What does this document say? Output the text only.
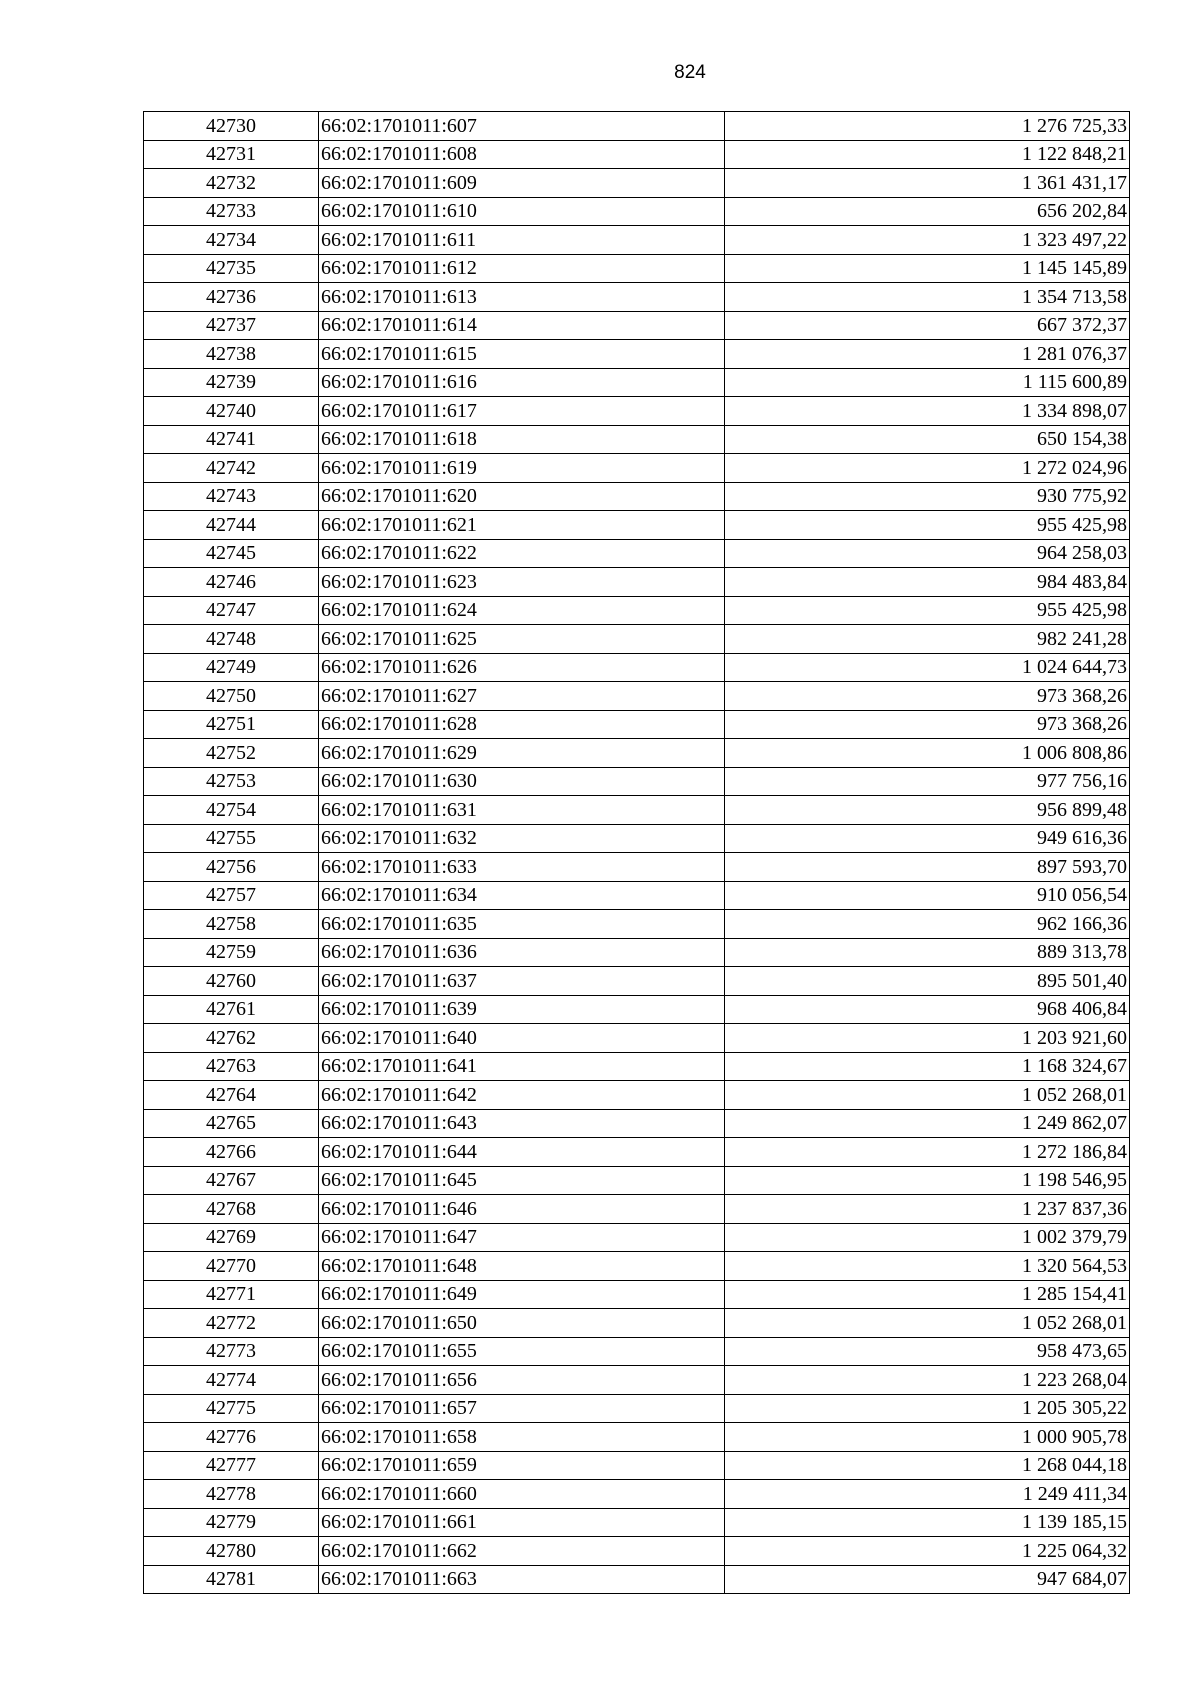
824
42730	66:02:1701011:607	1 276 725,33
42731	66:02:1701011:608	1 122 848,21
42732	66:02:1701011:609	1 361 431,17
42733	66:02:1701011:610	656 202,84
42734	66:02:1701011:611	1 323 497,22
42735	66:02:1701011:612	1 145 145,89
42736	66:02:1701011:613	1 354 713,58
42737	66:02:1701011:614	667 372,37
42738	66:02:1701011:615	1 281 076,37
42739	66:02:1701011:616	1 115 600,89
42740	66:02:1701011:617	1 334 898,07
42741	66:02:1701011:618	650 154,38
42742	66:02:1701011:619	1 272 024,96
42743	66:02:1701011:620	930 775,92
42744	66:02:1701011:621	955 425,98
42745	66:02:1701011:622	964 258,03
42746	66:02:1701011:623	984 483,84
42747	66:02:1701011:624	955 425,98
42748	66:02:1701011:625	982 241,28
42749	66:02:1701011:626	1 024 644,73
42750	66:02:1701011:627	973 368,26
42751	66:02:1701011:628	973 368,26
42752	66:02:1701011:629	1 006 808,86
42753	66:02:1701011:630	977 756,16
42754	66:02:1701011:631	956 899,48
42755	66:02:1701011:632	949 616,36
42756	66:02:1701011:633	897 593,70
42757	66:02:1701011:634	910 056,54
42758	66:02:1701011:635	962 166,36
42759	66:02:1701011:636	889 313,78
42760	66:02:1701011:637	895 501,40
42761	66:02:1701011:639	968 406,84
42762	66:02:1701011:640	1 203 921,60
42763	66:02:1701011:641	1 168 324,67
42764	66:02:1701011:642	1 052 268,01
42765	66:02:1701011:643	1 249 862,07
42766	66:02:1701011:644	1 272 186,84
42767	66:02:1701011:645	1 198 546,95
42768	66:02:1701011:646	1 237 837,36
42769	66:02:1701011:647	1 002 379,79
42770	66:02:1701011:648	1 320 564,53
42771	66:02:1701011:649	1 285 154,41
42772	66:02:1701011:650	1 052 268,01
42773	66:02:1701011:655	958 473,65
42774	66:02:1701011:656	1 223 268,04
42775	66:02:1701011:657	1 205 305,22
42776	66:02:1701011:658	1 000 905,78
42777	66:02:1701011:659	1 268 044,18
42778	66:02:1701011:660	1 249 411,34
42779	66:02:1701011:661	1 139 185,15
42780	66:02:1701011:662	1 225 064,32
42781	66:02:1701011:663	947 684,07
